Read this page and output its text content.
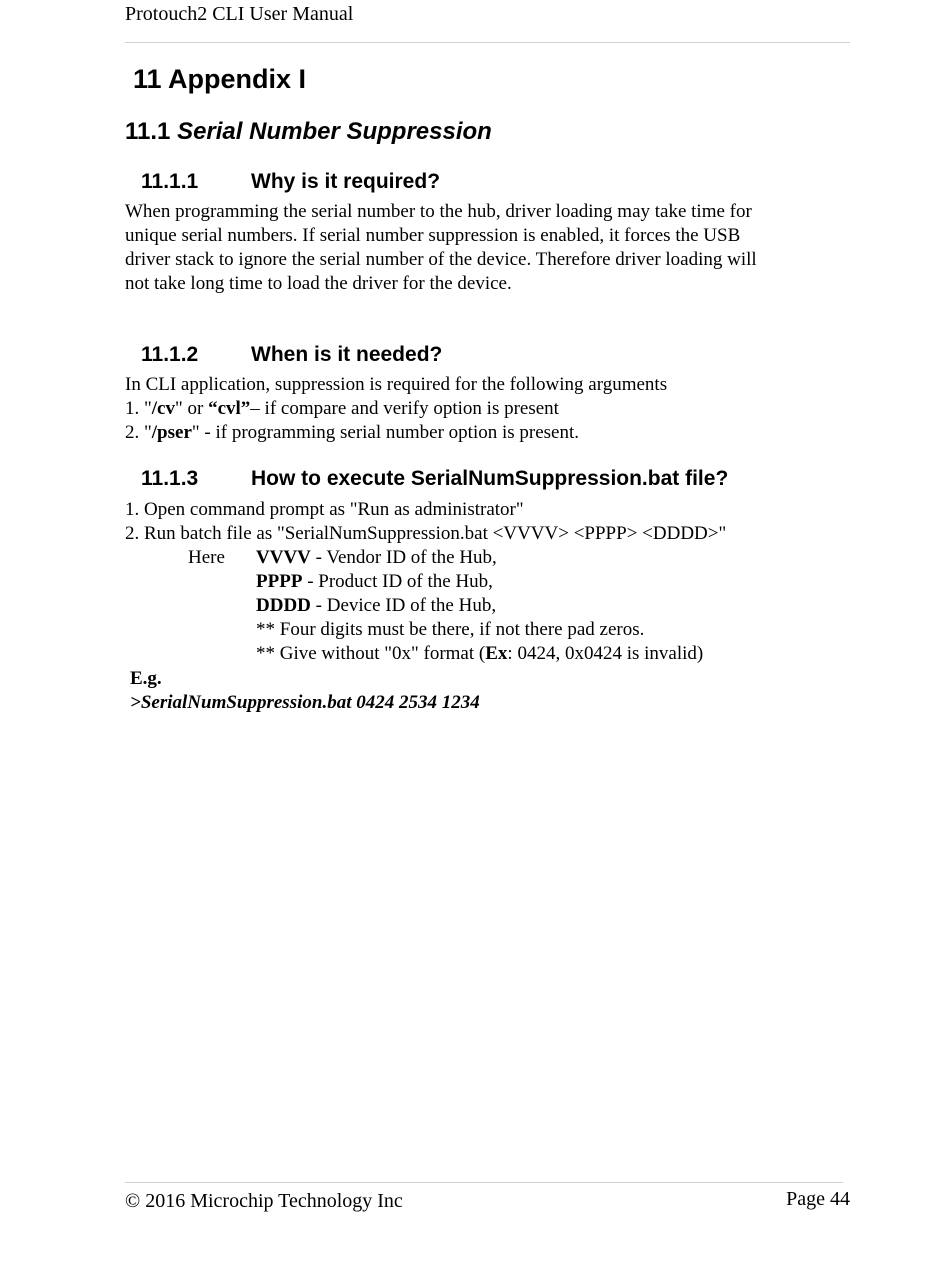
Protouch2 CLI User Manual
11 Appendix I
11.1 Serial Number Suppression
11.1.1	Why is it required?
When programming the serial number to the hub, driver loading may take time for
unique serial numbers. If serial number suppression is enabled, it forces the USB
driver stack to ignore the serial number of the device. Therefore driver loading will
not take long time to load the driver for the device.
11.1.2	When is it needed?
In CLI application, suppression is required for the following arguments
1. "/cv" or “cvl”– if compare and verify option is present
2. "/pser" - if programming serial number option is present.
11.1.3	How to execute SerialNumSuppression.bat file?
1. Open command prompt as "Run as administrator"
2. Run batch file as "SerialNumSuppression.bat <VVVV> <PPPP> <DDDD>"
Here VVVV - Vendor ID of the Hub,
PPPP - Product ID of the Hub,
DDDD - Device ID of the Hub,
** Four digits must be there, if not there pad zeros.
** Give without "0x" format (Ex: 0424, 0x0424 is invalid)
E.g.
>SerialNumSuppression.bat 0424 2534 1234
© 2016 Microchip Technology Inc	Page 44
